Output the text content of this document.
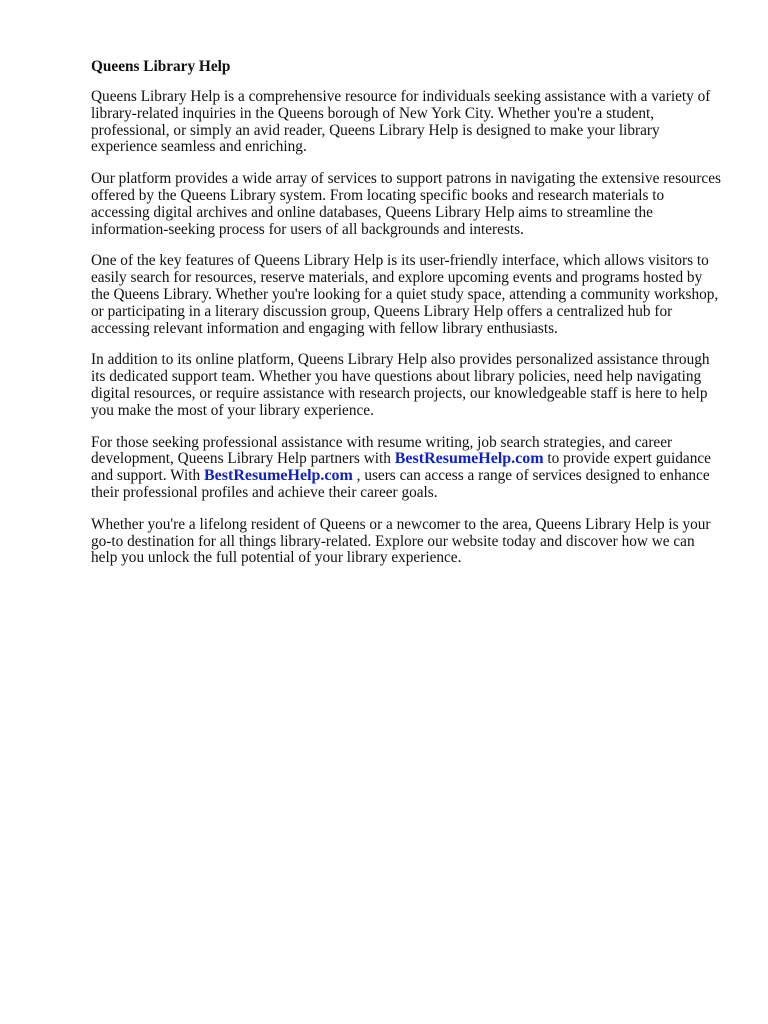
Queens Library Help

Queens Library Help is a comprehensive resource for individuals seeking assistance with a variety of library-related inquiries in the Queens borough of New York City. Whether you're a student, professional, or simply an avid reader, Queens Library Help is designed to make your library experience seamless and enriching.

Our platform provides a wide array of services to support patrons in navigating the extensive resources offered by the Queens Library system. From locating specific books and research materials to accessing digital archives and online databases, Queens Library Help aims to streamline the information-seeking process for users of all backgrounds and interests.

One of the key features of Queens Library Help is its user-friendly interface, which allows visitors to easily search for resources, reserve materials, and explore upcoming events and programs hosted by the Queens Library. Whether you're looking for a quiet study space, attending a community workshop, or participating in a literary discussion group, Queens Library Help offers a centralized hub for accessing relevant information and engaging with fellow library enthusiasts.

In addition to its online platform, Queens Library Help also provides personalized assistance through its dedicated support team. Whether you have questions about library policies, need help navigating digital resources, or require assistance with research projects, our knowledgeable staff is here to help you make the most of your library experience.

For those seeking professional assistance with resume writing, job search strategies, and career development, Queens Library Help partners with BestResumeHelp.com to provide expert guidance and support. With BestResumeHelp.com , users can access a range of services designed to enhance their professional profiles and achieve their career goals.

Whether you're a lifelong resident of Queens or a newcomer to the area, Queens Library Help is your go-to destination for all things library-related. Explore our website today and discover how we can help you unlock the full potential of your library experience.
